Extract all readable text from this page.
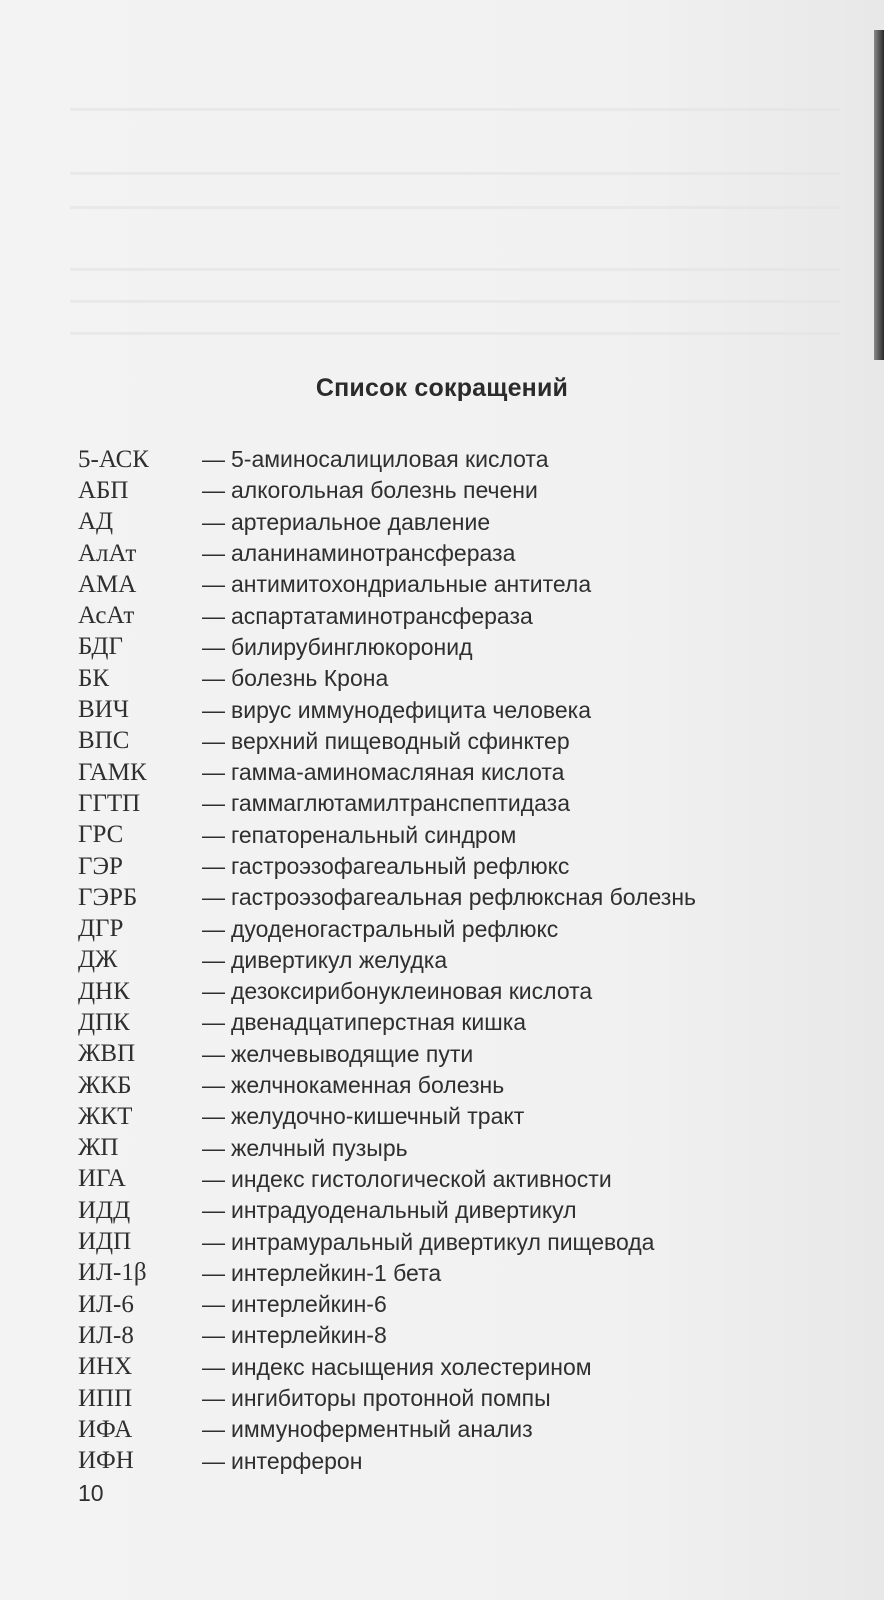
Список сокращений
5-АСК	— 5-аминосалициловая кислота
АБП	— алкогольная болезнь печени
АД	— артериальное давление
АлАт	— аланинаминотрансфераза
АМА	— антимитохондриальные антитела
АсАт	— аспартатаминотрансфераза
БДГ	— билирубинглюкоронид
БК	— болезнь Крона
ВИЧ	— вирус иммунодефицита человека
ВПС	— верхний пищеводный сфинктер
ГАМК	— гамма-аминомасляная кислота
ГГТП	— гаммаглютамилтранспептидаза
ГРС	— гепаторенальный синдром
ГЭР	— гастроэзофагеальный рефлюкс
ГЭРБ	— гастроэзофагеальная рефлюксная болезнь
ДГР	— дуоденогастральный рефлюкс
ДЖ	— дивертикул желудка
ДНК	— дезоксирибонуклеиновая кислота
ДПК	— двенадцатиперстная кишка
ЖВП	— желчевыводящие пути
ЖКБ	— желчнокаменная болезнь
ЖКТ	— желудочно-кишечный тракт
ЖП	— желчный пузырь
ИГА	— индекс гистологической активности
ИДД	— интрадуоденальный дивертикул
ИДП	— интрамуральный дивертикул пищевода
ИЛ-1β	— интерлейкин-1 бета
ИЛ-6	— интерлейкин-6
ИЛ-8	— интерлейкин-8
ИНХ	— индекс насыщения холестерином
ИПП	— ингибиторы протонной помпы
ИФА	— иммуноферментный анализ
ИФН	— интерферон
10
